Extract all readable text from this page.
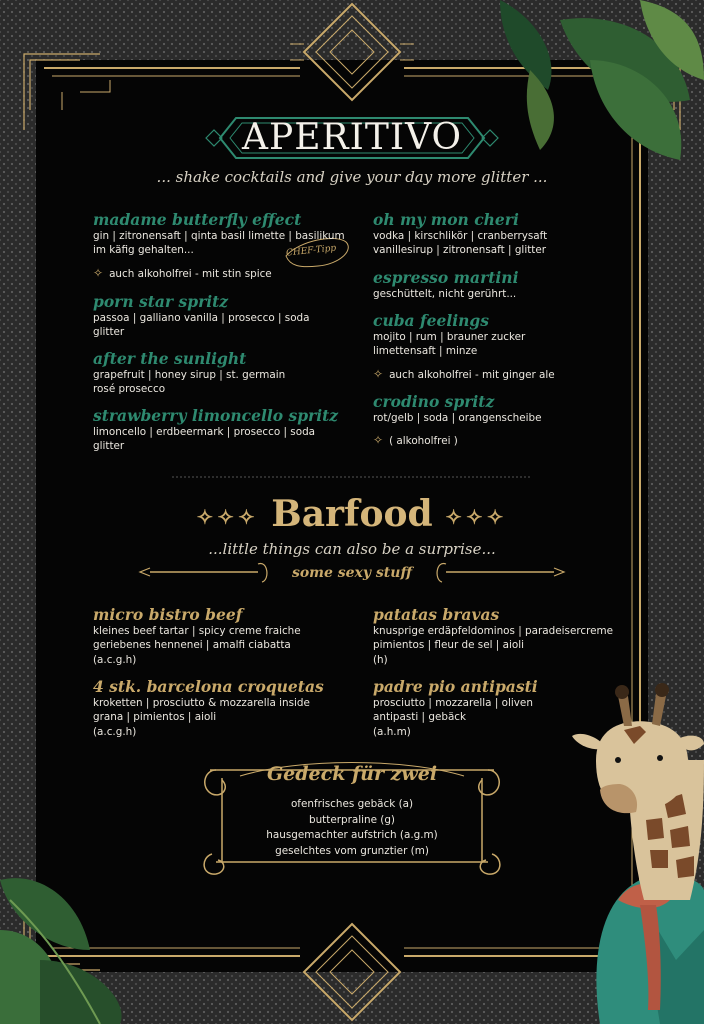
APERITIVO
... shake cocktails and give your day more glitter ...
madame butterfly effect
gin | zitronensaft | qinta basil limette | basilikum
im käfig gehalten...
✧ auch alkoholfrei - mit stin spice
CHEF-Tipp
porn star spritz
passoa | galliano vanilla | prosecco | soda
glitter
after the sunlight
grapefruit | honey sirup | st. germain
rosé prosecco
strawberry limoncello spritz
limoncello | erdbeermark | prosecco | soda
glitter
oh my mon cheri
vodka | kirschlikör | cranberrysaft
vanillesirup | zitronensaft | glitter
espresso martini
geschüttelt, nicht gerührt...
cuba feelings
mojito | rum | brauner zucker
limettensaft | minze
✧ auch alkoholfrei - mit ginger ale
crodino spritz
rot/gelb | soda | orangenscheibe
✧ ( alkoholfrei )
✧✧✧ Barfood ✧✧✧
...little things can also be a surprise...
some sexy stuff
micro bistro beef
kleines beef tartar | spicy creme fraiche
geriebenes hennenei | amalfi ciabatta
(a.c.g.h)
4 stk. barcelona croquetas
kroketten | prosciutto & mozzarella inside
grana | pimientos | aioli
(a.c.g.h)
patatas bravas
knusprige erdäpfeldominos | paradeisercreme
pimientos | fleur de sel | aioli
(h)
padre pio antipasti
prosciutto | mozzarella | oliven
antipasti | gebäck
(a.h.m)
Gedeck für zwei
ofenfrisches gebäck (a)
butterpraline (g)
hausgemachter aufstrich (a.g.m)
geselchtes vom grunztier (m)
